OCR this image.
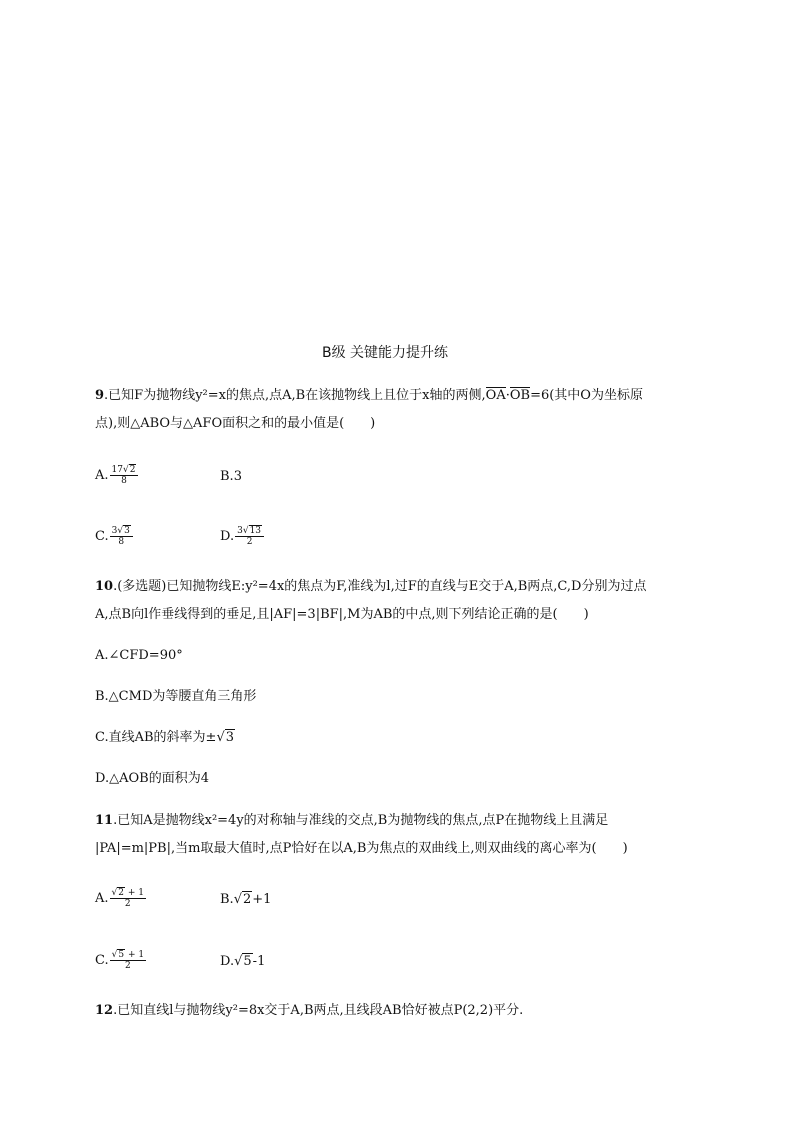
B级 关键能力提升练
9.已知F为抛物线y²=x的焦点,点A,B在该抛物线上且位于x轴的两侧,OA·OB=6(其中O为坐标原
点),则△ABO与△AFO面积之和的最小值是(　　)
A. $\frac{17√2}{8}$	B.3
C. $\frac{3√3}{8}$	D. $\frac{3√13}{2}$
10.(多选题)已知抛物线E:y²=4x的焦点为F,准线为l,过F的直线与E交于A,B两点,C,D分别为过点
A,点B向l作垂线得到的垂足,且|AF|=3|BF|,M为AB的中点,则下列结论正确的是(　　)
A.∠CFD=90°
B.△CMD为等腰直角三角形
C.直线AB的斜率为±√3
D.△AOB的面积为4
11.已知A是抛物线x²=4y的对称轴与准线的交点,B为抛物线的焦点,点P在抛物线上且满足
|PA|=m|PB|,当m取最大值时,点P恰好在以A,B为焦点的双曲线上,则双曲线的离心率为(　　)
A. $\frac{√2 + 1}{2}$	B.√2+1
C. $\frac{√5 + 1}{2}$	D.√5-1
12.已知直线l与抛物线y²=8x交于A,B两点,且线段AB恰好被点P(2,2)平分.
